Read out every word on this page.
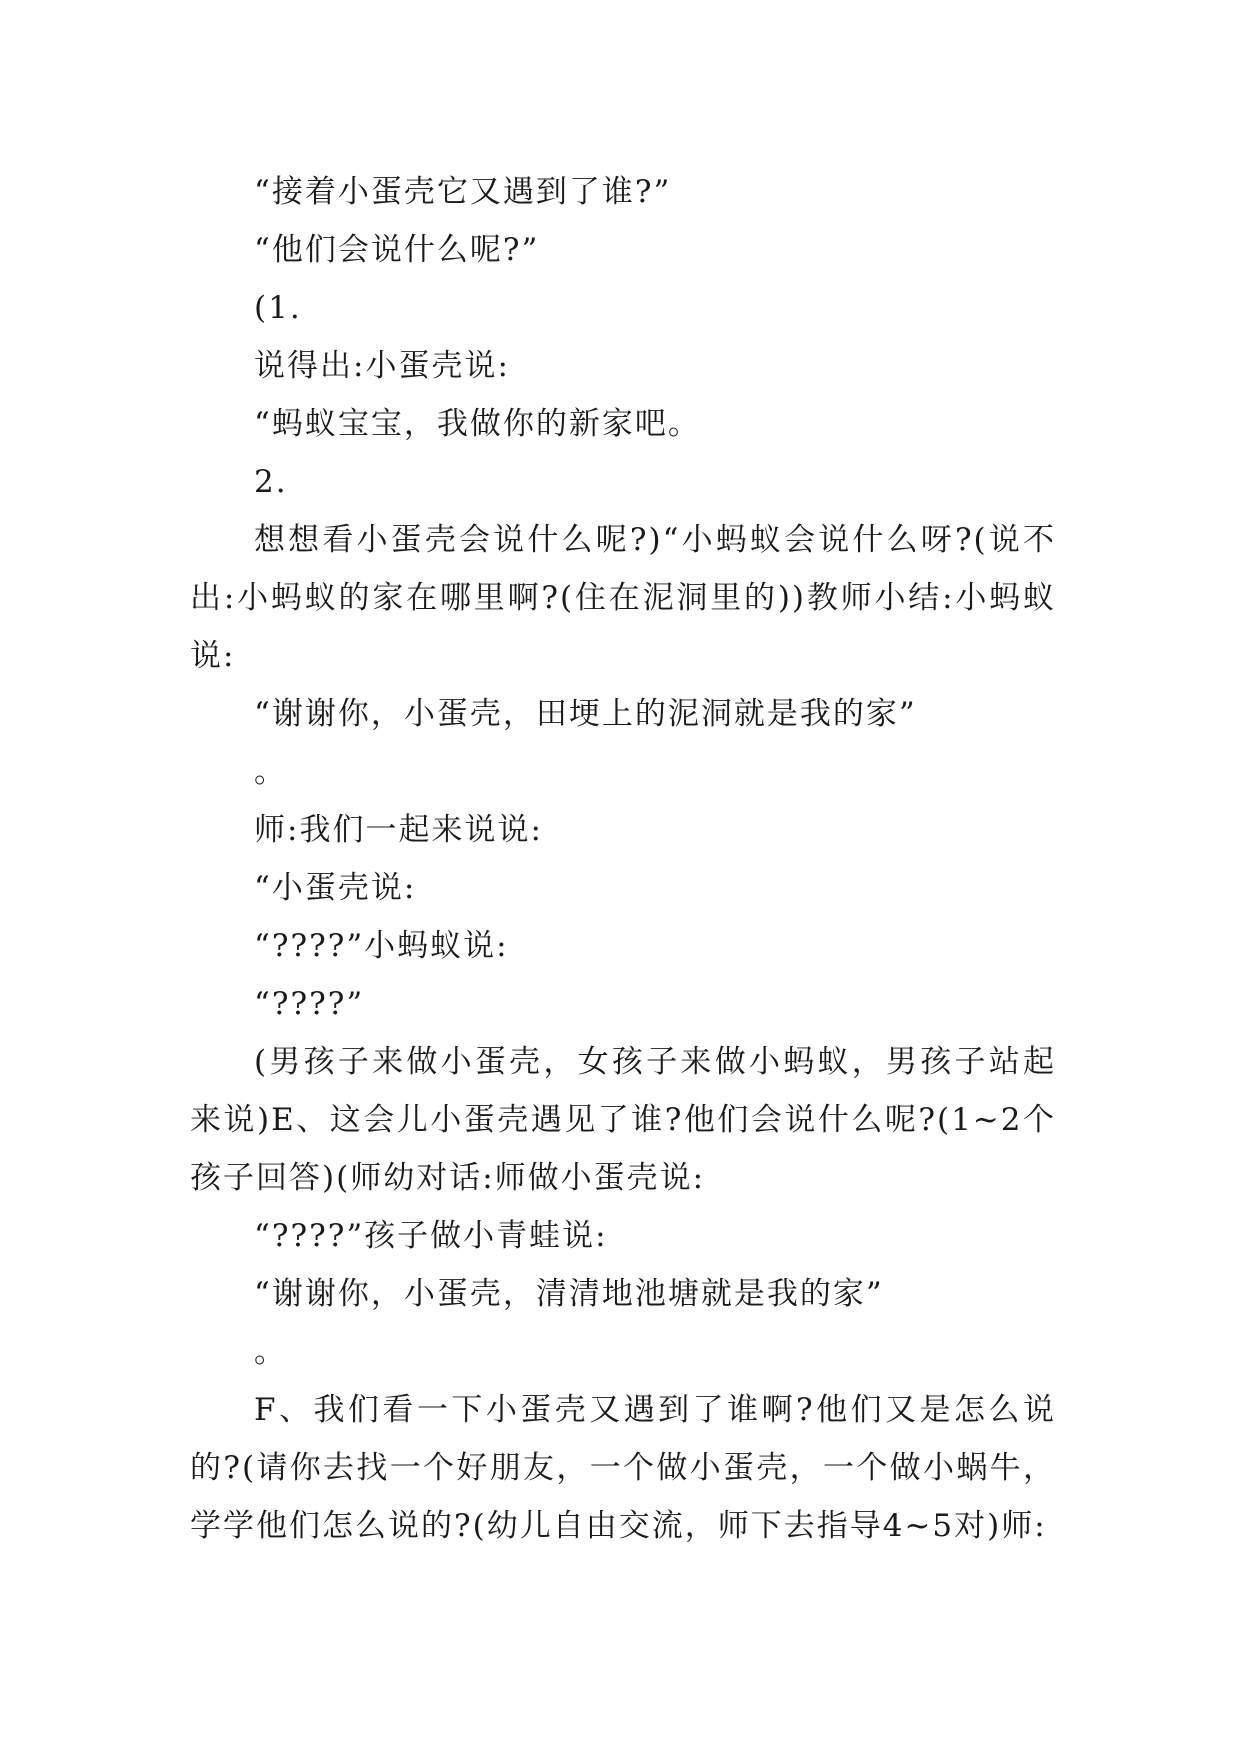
“接着小蛋壳它又遇到了谁?”

“他们会说什么呢?”

(1.

说得出:小蛋壳说:

“蚂蚁宝宝，我做你的新家吧。

2.

想想看小蛋壳会说什么呢?)“小蚂蚁会说什么呀?(说不出:小蚂蚁的家在哪里啊?(住在泥洞里的))教师小结:小蚂蚁说:

“谢谢你，小蛋壳，田埂上的泥洞就是我的家”

。

师:我们一起来说说:

“小蛋壳说:

“????”小蚂蚁说:

“????”

(男孩子来做小蛋壳，女孩子来做小蚂蚁，男孩子站起来说)E、这会儿小蛋壳遇见了谁?他们会说什么呢?(1~2个孩子回答)(师幼对话:师做小蛋壳说:

“????”孩子做小青蛙说:

“谢谢你，小蛋壳，清清地池塘就是我的家”

。

F、我们看一下小蛋壳又遇到了谁啊?他们又是怎么说的?(请你去找一个好朋友，一个做小蛋壳，一个做小蜗牛，学学他们怎么说的?(幼儿自由交流，师下去指导4~5对)师:
